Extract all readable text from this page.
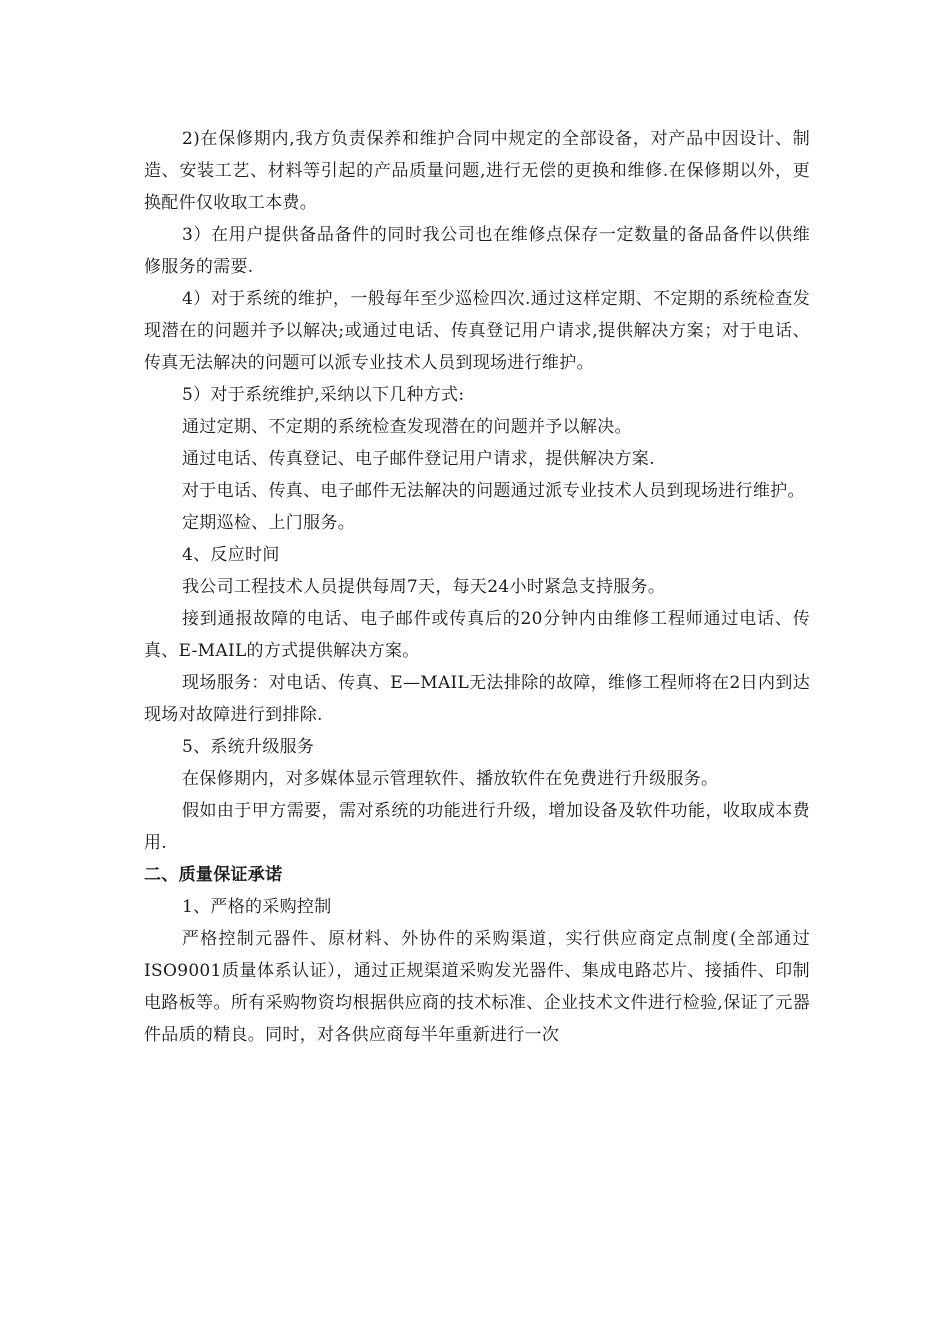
2)在保修期内,我方负责保养和维护合同中规定的全部设备，对产品中因设计、制造、安装工艺、材料等引起的产品质量问题,进行无偿的更换和维修.在保修期以外，更换配件仅收取工本费。

3）在用户提供备品备件的同时我公司也在维修点保存一定数量的备品备件以供维修服务的需要.

4）对于系统的维护，一般每年至少巡检四次.通过这样定期、不定期的系统检查发现潜在的问题并予以解决;或通过电话、传真登记用户请求,提供解决方案；对于电话、传真无法解决的问题可以派专业技术人员到现场进行维护。

5）对于系统维护,采纳以下几种方式:

通过定期、不定期的系统检查发现潜在的问题并予以解决。

通过电话、传真登记、电子邮件登记用户请求，提供解决方案.

对于电话、传真、电子邮件无法解决的问题通过派专业技术人员到现场进行维护。

定期巡检、上门服务。

4、反应时间

我公司工程技术人员提供每周7天，每天24小时紧急支持服务。

接到通报故障的电话、电子邮件或传真后的20分钟内由维修工程师通过电话、传真、E-MAIL的方式提供解决方案。

现场服务：对电话、传真、E—MAIL无法排除的故障，维修工程师将在2日内到达现场对故障进行到排除.

5、系统升级服务

在保修期内，对多媒体显示管理软件、播放软件在免费进行升级服务。

假如由于甲方需要，需对系统的功能进行升级，增加设备及软件功能，收取成本费用.

二、质量保证承诺

1、严格的采购控制

严格控制元器件、原材料、外协件的采购渠道，实行供应商定点制度(全部通过ISO9001质量体系认证），通过正规渠道采购发光器件、集成电路芯片、接插件、印制电路板等。所有采购物资均根据供应商的技术标准、企业技术文件进行检验,保证了元器件品质的精良。同时，对各供应商每半年重新进行一次
